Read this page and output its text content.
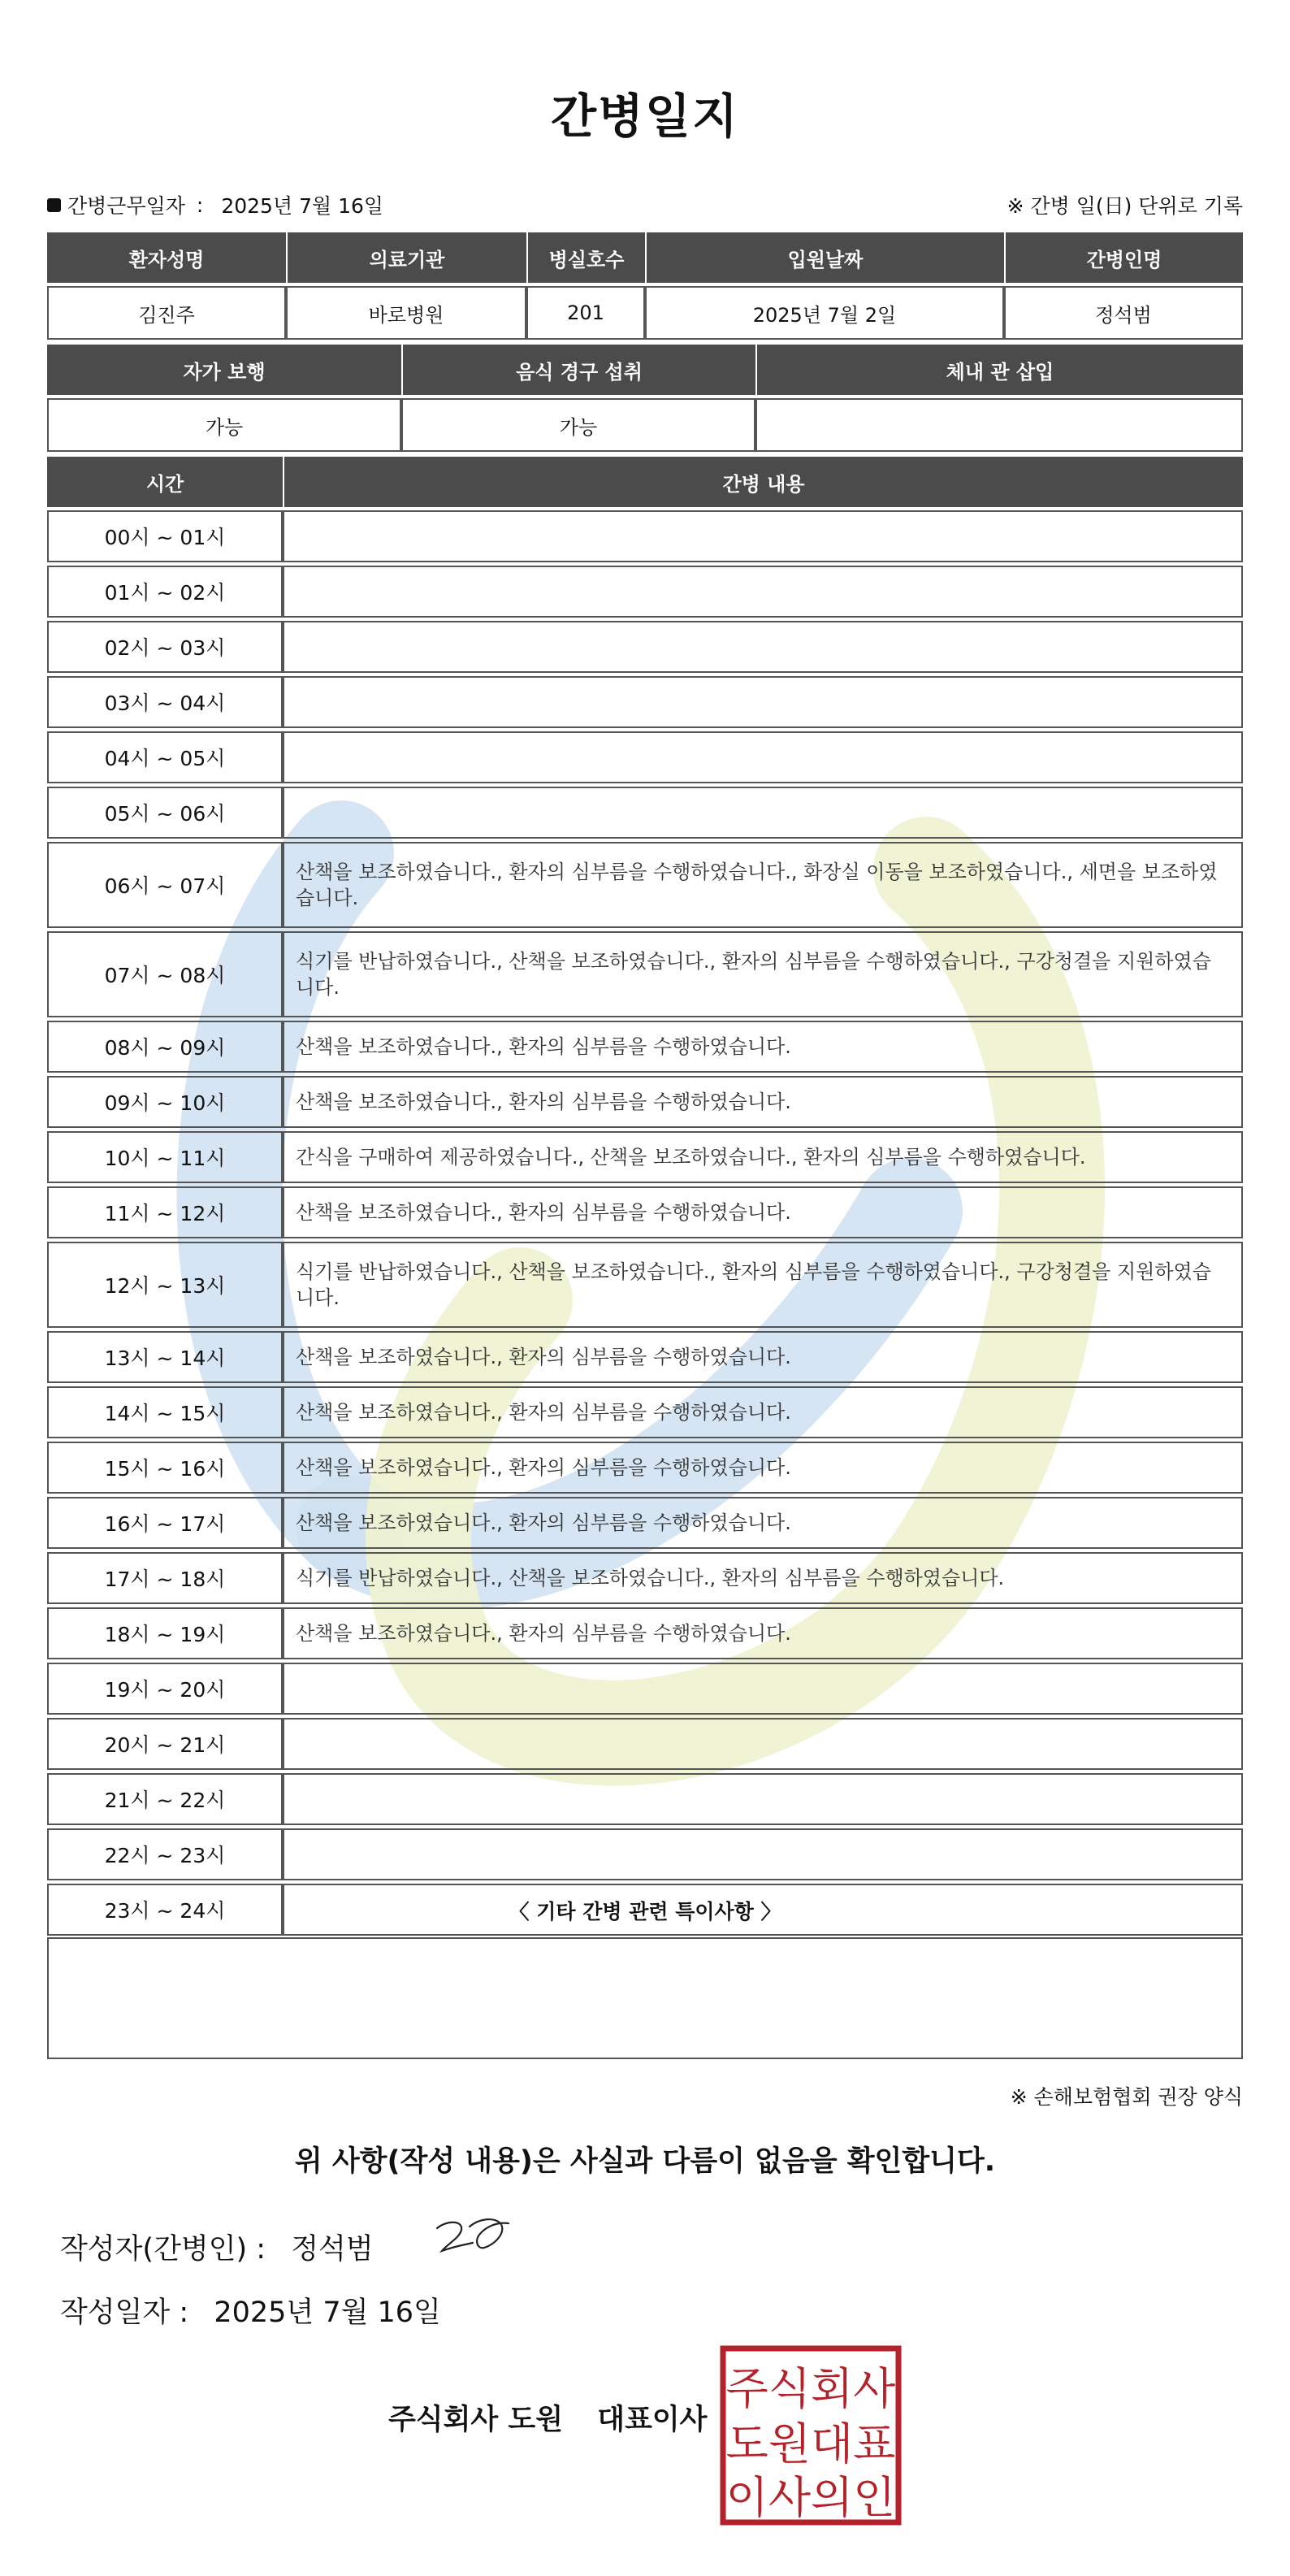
간병일지
간병근무일자 : 2025년 7월 16일	※ 간병 일(日) 단위로 기록
환자성명	의료기관	병실호수	입원날짜	간병인명
김진주	바로병원	201	2025년 7월 2일	정석범
자가 보행	음식 경구 섭취	체내 관 삽입
가능	가능	
시간	간병 내용
00시 ~ 01시	
01시 ~ 02시	
02시 ~ 03시	
03시 ~ 04시	
04시 ~ 05시	
05시 ~ 06시	
06시 ~ 07시	산책을 보조하였습니다., 환자의 심부름을 수행하였습니다., 화장실 이동을 보조하였습니다., 세면을 보조하였습니다.
07시 ~ 08시	식기를 반납하였습니다., 산책을 보조하였습니다., 환자의 심부름을 수행하였습니다., 구강청결을 지원하였습니다.
08시 ~ 09시	산책을 보조하였습니다., 환자의 심부름을 수행하였습니다.
09시 ~ 10시	산책을 보조하였습니다., 환자의 심부름을 수행하였습니다.
10시 ~ 11시	간식을 구매하여 제공하였습니다., 산책을 보조하였습니다., 환자의 심부름을 수행하였습니다.
11시 ~ 12시	산책을 보조하였습니다., 환자의 심부름을 수행하였습니다.
12시 ~ 13시	식기를 반납하였습니다., 산책을 보조하였습니다., 환자의 심부름을 수행하였습니다., 구강청결을 지원하였습니다.
13시 ~ 14시	산책을 보조하였습니다., 환자의 심부름을 수행하였습니다.
14시 ~ 15시	산책을 보조하였습니다., 환자의 심부름을 수행하였습니다.
15시 ~ 16시	산책을 보조하였습니다., 환자의 심부름을 수행하였습니다.
16시 ~ 17시	산책을 보조하였습니다., 환자의 심부름을 수행하였습니다.
17시 ~ 18시	식기를 반납하였습니다., 산책을 보조하였습니다., 환자의 심부름을 수행하였습니다.
18시 ~ 19시	산책을 보조하였습니다., 환자의 심부름을 수행하였습니다.
19시 ~ 20시	
20시 ~ 21시	
21시 ~ 22시	
22시 ~ 23시	
23시 ~ 24시		〈 기타 간병 관련 특이사항 〉
※ 손해보험협회 권장 양식
위 사항(작성 내용)은 사실과 다름이 없음을 확인합니다.
작성자(간병인) : 정석범
작성일자 : 2025년 7월 16일
주식회사 도원 대표이사
주식회사
도원대표
이사의인
